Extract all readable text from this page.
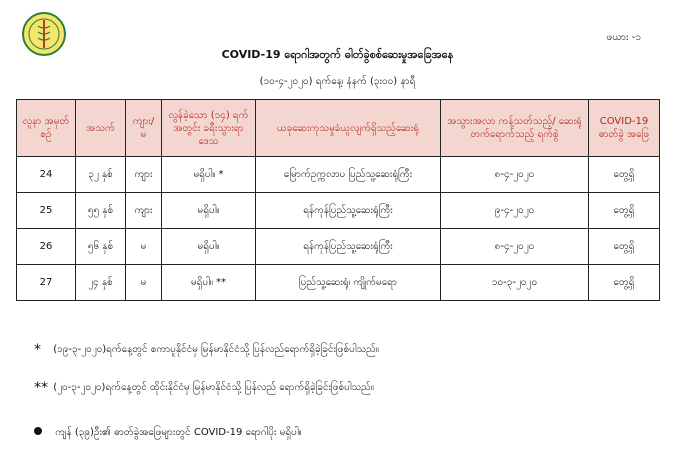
ဖယား -၁
COVID-19 ရောဂါအတွက် ဓါတ်ခွဲစစ်ဆေးမှုအခြေအနေ
(၁၀-၄-၂၀၂၀) ရက်နေ့၊ နံနက် (၃း၀၀) နာရီ
လူနာ အမှတ်စဉ်	အသက်	ကျား/ မ	လွန်ခဲ့သော (၁၄) ရက်အတွင်း ခရီးသွားရာဒေသ	ယခုဆေးကုသမှုခံယူလျက်ရှိသည့်ဆေးရုံ	အသွားအလာ ကန့်သတ်သည့်/ ဆေးရုံတက်ရောက်သည့် ရက်စွဲ	COVID-19 ဓာတ်ခွဲ အဖြေ
24	၃၂ နှစ်	ကျား	မရှိပါ။ *	မြောက်ဥက္ကလာပ ပြည်သူ့ဆေးရုံကြီး	၈-၄-၂၀၂၀	တွေ့ရှိ
25	၅၅ နှစ်	ကျား	မရှိပါ။	ရန်ကုန်ပြည်သူ့ဆေးရုံကြီး	၉-၄-၂၀၂၀	တွေ့ရှိ
26	၅၆ နှစ်	မ	မရှိပါ။	ရန်ကုန်ပြည်သူ့ဆေးရုံကြီး	၈-၄-၂၀၂၀	တွေ့ရှိ
27	၂၄ နှစ်	မ	မရှိပါ။ **	ပြည်သူ့ဆေးရုံ၊ ကျိုက်မရော	၁၀-၃-၂၀၂၀	တွေ့ရှိ
* (၁၉-၃-၂၀၂၀)ရက်နေ့တွင် စကာပူနိုင်ငံမှ မြန်မာနိုင်ငံသို့ ပြန်လည်ရောက်ရှိခဲ့ခြင်းဖြစ်ပါသည်။
** (၂၀-၃-၂၀၂၀)ရက်နေ့တွင် ထိုင်းနိုင်ငံမှ မြန်မာနိုင်ငံသို့ ပြန်လည် ရောက်ရှိခဲ့ခြင်းဖြစ်ပါသည်။
ကျန် (၃၉)ဦး၏ ဓာတ်ခွဲအဖြေများတွင် COVID-19 ရောဂါပိုး မရှိပါ။
